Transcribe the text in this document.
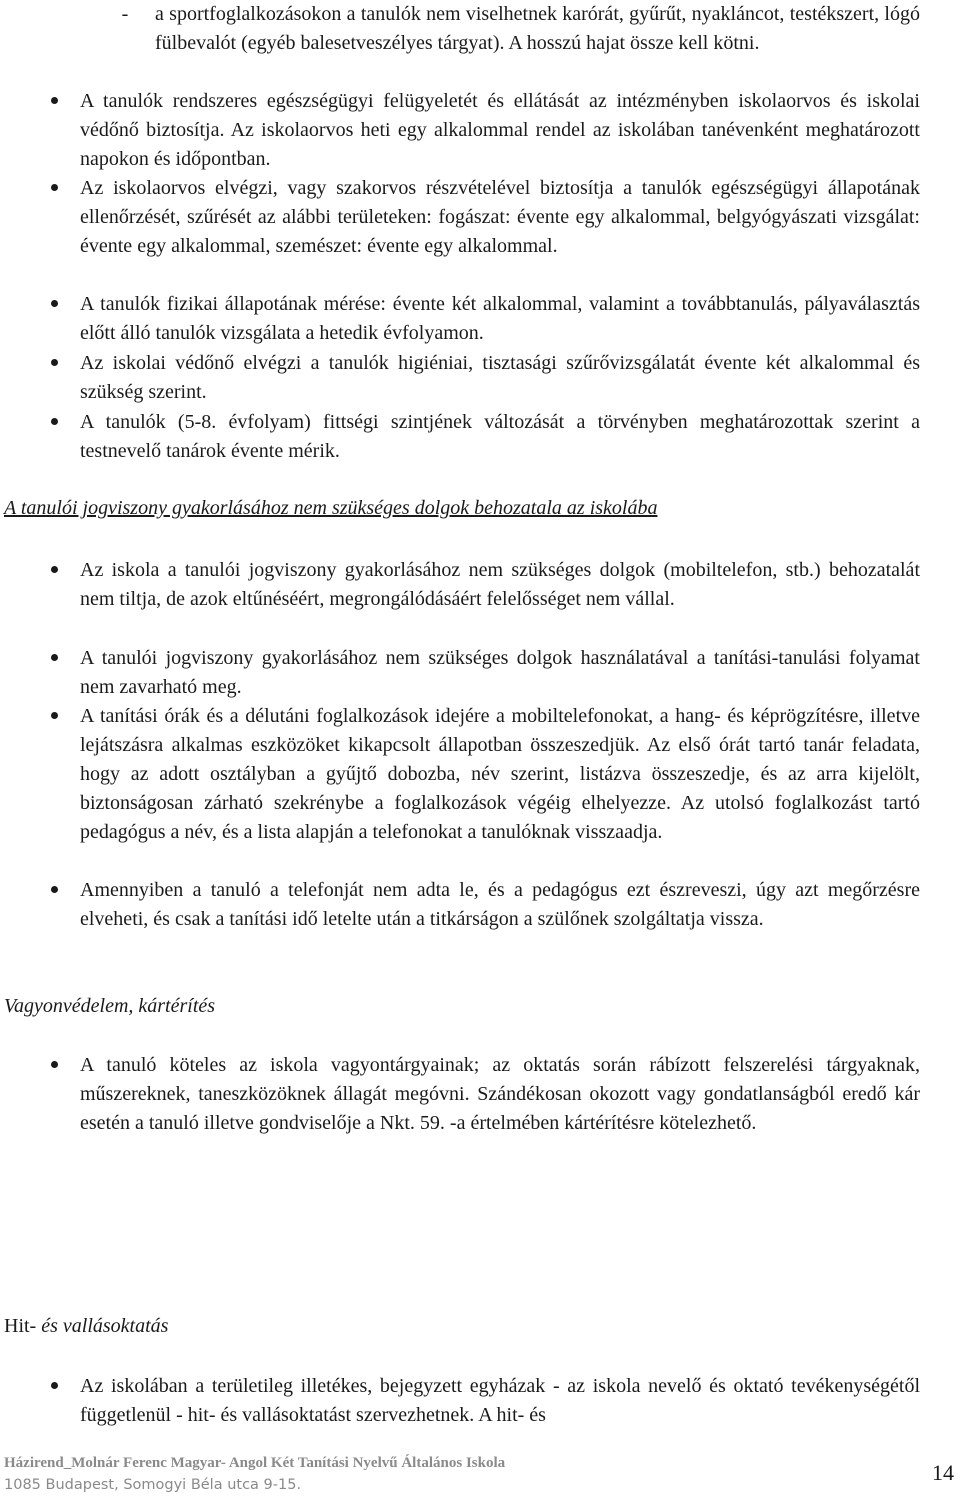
-	a sportfoglalkozásokon a tanulók nem viselhetnek karórát, gyűrűt, nyakláncot, testékszert, lógó fülbevalót (egyéb balesetveszélyes tárgyat). A hosszú hajat össze kell kötni.
A tanulók rendszeres egészségügyi felügyeletét és ellátását az intézményben iskolaorvos és iskolai védőnő biztosítja. Az iskolaorvos heti egy alkalommal rendel az iskolában tanévenként meghatározott napokon és időpontban.
Az iskolaorvos elvégzi, vagy szakorvos részvételével biztosítja a tanulók egészségügyi állapotának ellenőrzését, szűrését az alábbi területeken: fogászat: évente egy alkalommal, belgyógyászati vizsgálat: évente egy alkalommal, szemészet: évente egy alkalommal.
A tanulók fizikai állapotának mérése: évente két alkalommal, valamint a továbbtanulás, pályaválasztás előtt álló tanulók vizsgálata a hetedik évfolyamon.
Az iskolai védőnő elvégzi a tanulók higiéniai, tisztasági szűrővizsgálatát évente két alkalommal és szükség szerint.
A tanulók (5-8. évfolyam) fittségi szintjének változását a törvényben meghatározottak szerint a testnevelő tanárok évente mérik.
A tanulói jogviszony gyakorlásához nem szükséges dolgok behozatala az iskolába
Az iskola a tanulói jogviszony gyakorlásához nem szükséges dolgok (mobiltelefon, stb.) behozatalát nem tiltja, de azok eltűnéséért, megrongálódásáért felelősséget nem vállal.
A tanulói jogviszony gyakorlásához nem szükséges dolgok használatával a tanítási-tanulási folyamat nem zavarható meg.
A tanítási órák és a délutáni foglalkozások idejére a mobiltelefonokat, a hang- és képrögzítésre, illetve lejátszásra alkalmas eszközöket kikapcsolt állapotban összeszedjük. Az első órát tartó tanár feladata, hogy az adott osztályban a gyűjtő dobozba, név szerint, listázva összeszedje, és az arra kijelölt, biztonságosan zárható szekrénybe a foglalkozások végéig elhelyezze. Az utolsó foglalkozást tartó pedagógus a név, és a lista alapján a telefonokat a tanulóknak visszaadja.
Amennyiben a tanuló a telefonját nem adta le, és a pedagógus ezt észreveszi, úgy azt megőrzésre elveheti, és csak a tanítási idő letelte után a titkárságon a szülőnek szolgáltatja vissza.
Vagyonvédelem, kártérítés
A tanuló köteles az iskola vagyontárgyainak; az oktatás során rábízott felszerelési tárgyaknak, műszereknek, taneszközöknek állagát megóvni. Szándékosan okozott vagy gondatlanságból eredő kár esetén a tanuló illetve gondviselője a Nkt. 59. -a értelmében kártérítésre kötelezhető.
Hit- és vallásoktatás
Az iskolában a területileg illetékes, bejegyzett egyházak - az iskola nevelő és oktató tevékenységétől függetlenül - hit- és vallásoktatást szervezhetnek. A hit- és
Házirend_Molnár Ferenc Magyar- Angol Két Tanítási Nyelvű Általános Iskola
1085 Budapest, Somogyi Béla utca 9-15.	14
